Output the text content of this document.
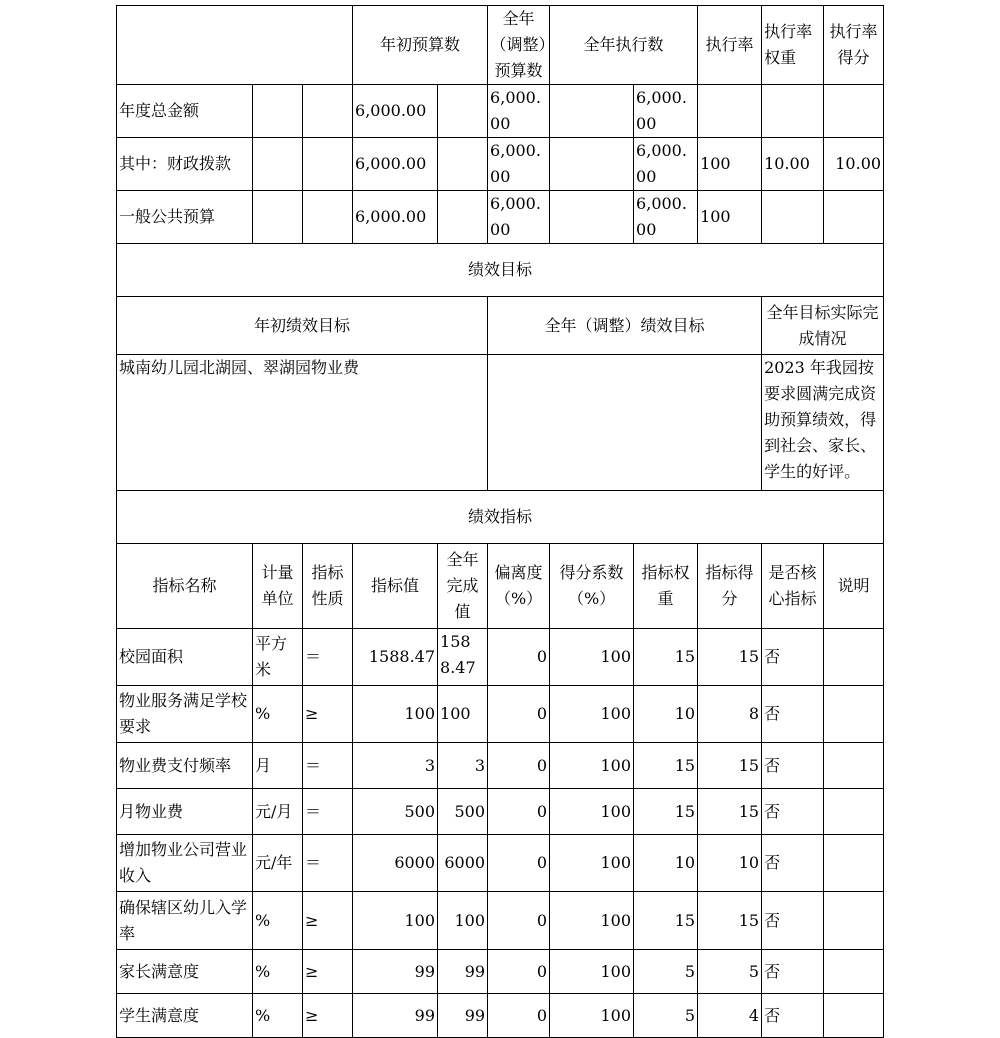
			年初预算数		全年（调整）预算数	全年执行数		执行率	执行率权重	执行率得分
年度总金额			6,000.00		6,000.00		6,000.00			
其中：财政拨款			6,000.00		6,000.00		6,000.00	100	10.00	10.00
一般公共预算			6,000.00		6,000.00		6,000.00	100		
绩效目标										
年初绩效目标					全年（调整）绩效目标				全年目标实际完成情况	
城南幼儿园北湖园、翠湖园物业费									2023 年我园按要求圆满完成资助预算绩效，得到社会、家长、学生的好评。	
绩效指标										
指标名称	计量单位	指标性质	指标值	全年完成值	偏离度（%）	得分系数（%）	指标权重	指标得分	是否核心指标	说明
校园面积	平方米	＝	1588.47	1588.47	0	100	15	15	否	
物业服务满足学校要求	%	≥	100	100	0	100	10	8	否	
物业费支付频率	月	＝	3	3	0	100	15	15	否	
月物业费	元/月	＝	500	500	0	100	15	15	否	
增加物业公司营业收入	元/年	＝	6000	6000	0	100	10	10	否	
确保辖区幼儿入学率	%	≥	100	100	0	100	15	15	否	
家长满意度	%	≥	99	99	0	100	5	5	否	
学生满意度	%	≥	99	99	0	100	5	4	否	
